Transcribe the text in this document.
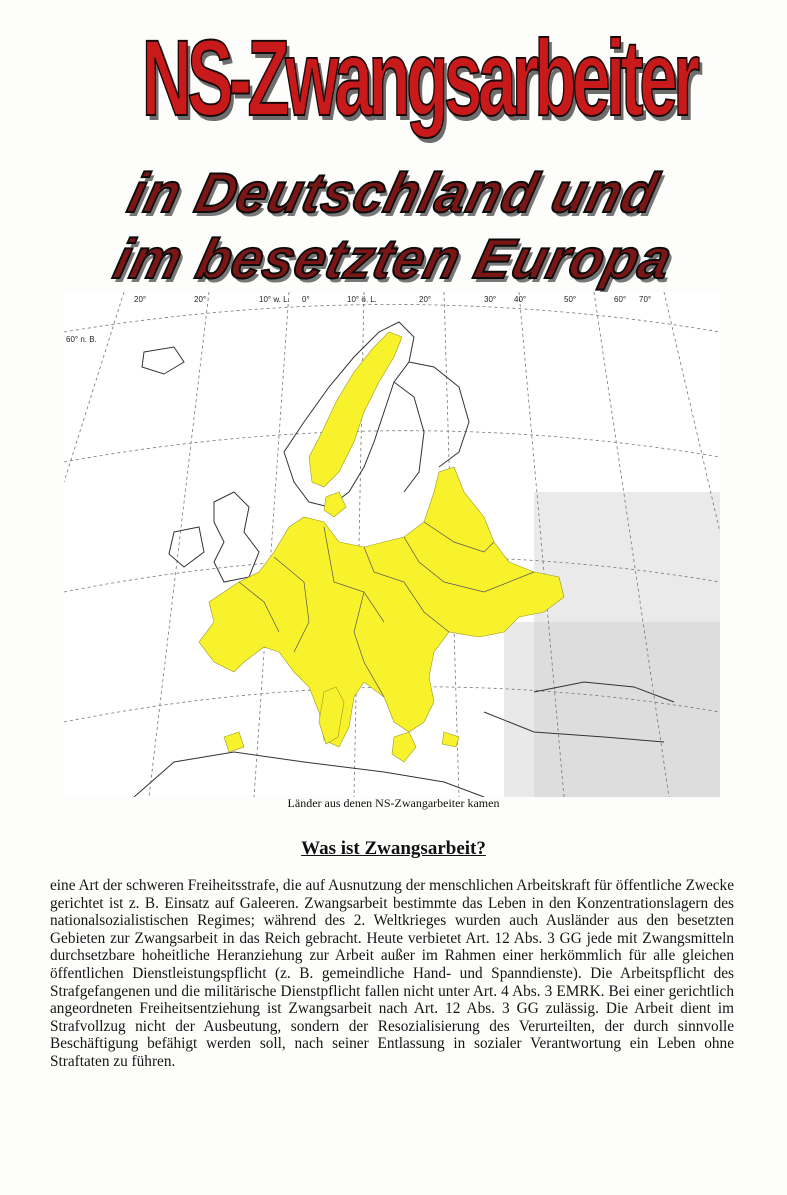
NS-Zwangsarbeiter
in Deutschland und
im besetzten Europa
20°	20°	10° w. L. 0°	10° ö. L.	20°	30° 40°	50°	60° 70°
60° n. B.
Länder aus denen NS-Zwangarbeiter kamen
Was ist Zwangsarbeit?

eine Art der schweren Freiheitsstrafe, die auf Ausnutzung der menschlichen Arbeitskraft für öffentliche Zwecke gerichtet ist z. B. Einsatz auf Galeeren. Zwangsarbeit bestimmte das Leben in den Konzentrationslagern des nationalsozialistischen Regimes; während des 2. Weltkrieges wurden auch Ausländer aus den besetzten Gebieten zur Zwangsarbeit in das Reich gebracht. Heute verbietet Art. 12 Abs. 3 GG jede mit Zwangsmitteln durchsetzbare hoheitliche Heranziehung zur Arbeit außer im Rahmen einer herkömmlich für alle gleichen öffentlichen Dienstleistungspflicht (z. B. gemeindliche Hand- und Spanndienste). Die Arbeitspflicht des Strafgefangenen und die militärische Dienstpflicht fallen nicht unter Art. 4 Abs. 3 EMRK. Bei einer gerichtlich angeordneten Freiheitsentziehung ist Zwangsarbeit nach Art. 12 Abs. 3 GG zulässig. Die Arbeit dient im Strafvollzug nicht der Ausbeutung, sondern der Resozialisierung des Verurteilten, der durch sinnvolle Beschäftigung befähigt werden soll, nach seiner Entlassung in sozialer Verantwortung ein Leben ohne Straftaten zu führen.
